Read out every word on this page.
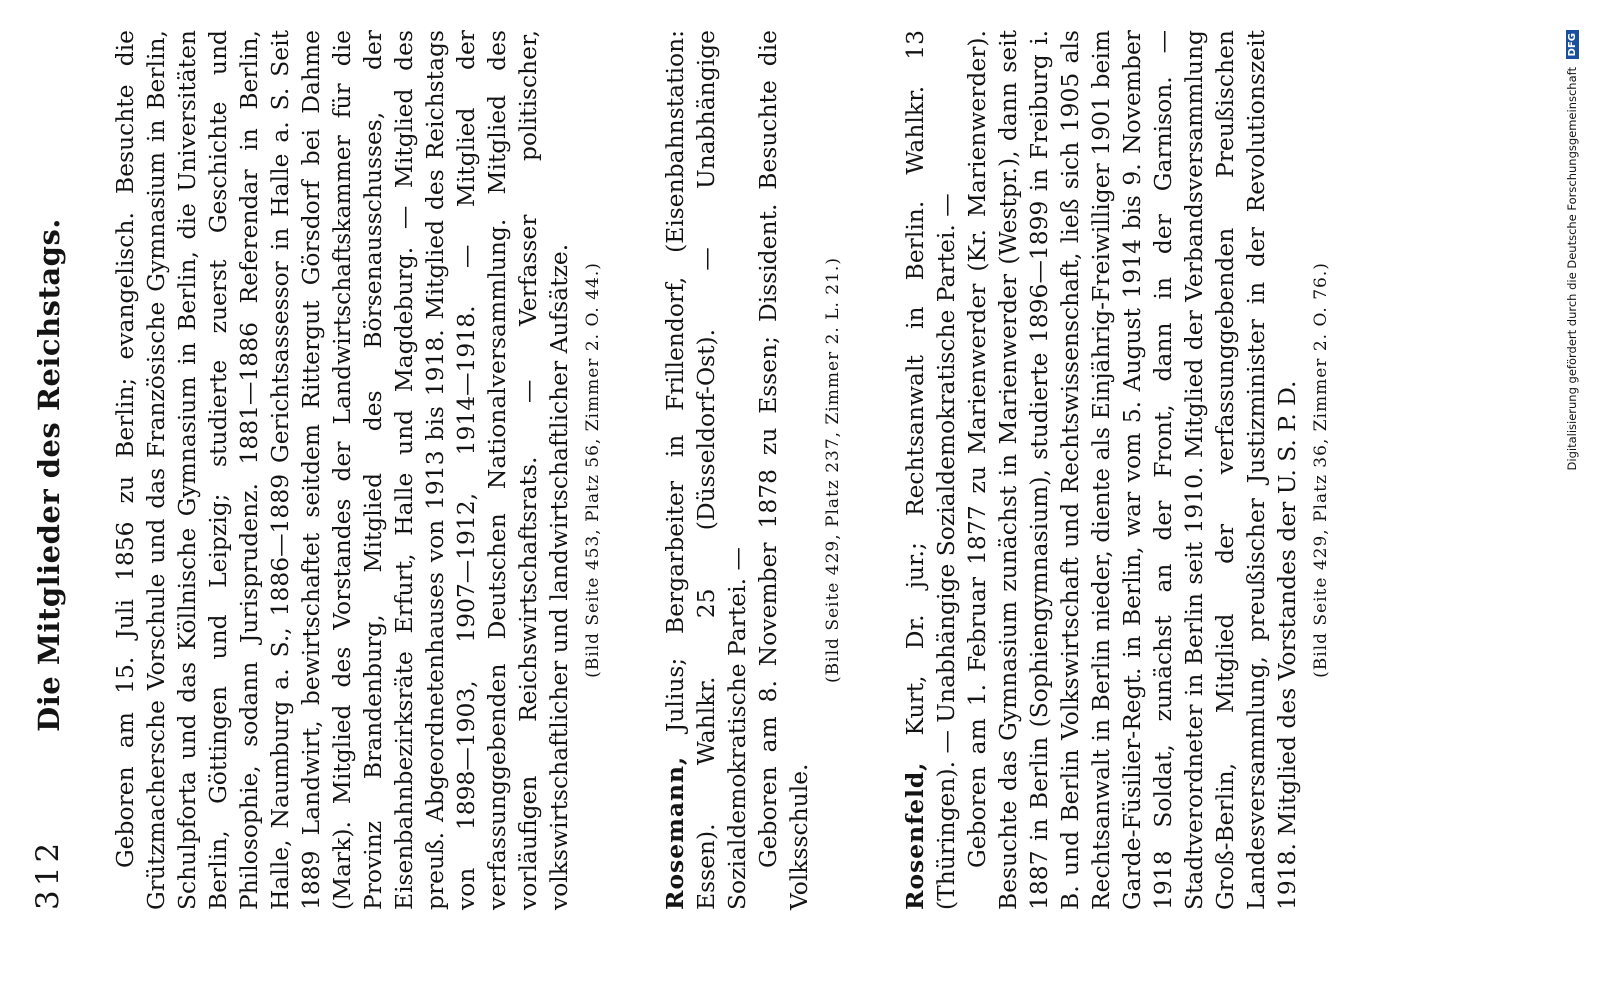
312
Die Mitglieder des Reichstags. Geboren am 15. Juli 1856 zu Berlin; evangelisch. Besuchte die Grützmachersche Vorschule und das Französische Gymnasium in Berlin, Schulpforta und das Köllnische Gymnasium in Berlin, die Universitäten Berlin, Göttingen und Leipzig; studierte zuerst Geschichte und Philosophie, sodann Jurisprudenz. 1881—1886 Referendar in Berlin, Halle, Naumburg a. S., 1886—1889 Gerichtsassessor in Halle a. S. Seit 1889 Landwirt, bewirtschaftet seitdem Rittergut Görsdorf bei Dahme (Mark). Mitglied des Vorstandes der Landwirtschaftskammer für die Provinz Brandenburg, Mitglied des Börsenausschusses, der Eisenbahnbezirksräte Erfurt, Halle und Magdeburg. — Mitglied des preuß. Abgeordnetenhauses von 1913 bis 1918. Mitglied des Reichstags von 1898—1903, 1907—1912, 1914—1918. — Mitglied der verfassunggebenden Deutschen Nationalversammlung. Mitglied des vorläufigen Reichswirtschaftsrats. — Verfasser politischer, volkswirtschaftlicher und landwirtschaftlicher Aufsätze. (Bild Seite 453, Platz 56, Zimmer 2. O. 44.)

Rosemann, Julius; Bergarbeiter in Frillendorf, (Eisenbahnstation: Essen). Wahlkr. 25 (Düsseldorf-Ost). — Unabhängige Sozialdemokratische Partei. — Geboren am 8. November 1878 zu Essen; Dissident. Besuchte die Volksschule.

(Bild Seite 429, Platz 237, Zimmer 2. L. 21.)

Rosenfeld, Kurt, Dr. jur.; Rechtsanwalt in Berlin. Wahlkr. 13 (Thüringen). — Unabhängige Sozialdemokratische Partei. — Geboren am 1. Februar 1877 zu Marienwerder (Kr. Marienwerder). Besuchte das Gymnasium zunächst in Marienwerder (Westpr.), dann seit 1887 in Berlin (Sophiengymnasium), studierte 1896—1899 in Freiburg i. B. und Berlin Volkswirtschaft und Rechtswissenschaft, ließ sich 1905 als Rechtsanwalt in Berlin nieder, diente als Einjährig-Freiwilliger 1901 beim Garde-Füsilier-Regt. in Berlin, war vom 5. August 1914 bis 9. November 1918 Soldat, zunächst an der Front, dann in der Garnison. — Stadtverordneter in Berlin seit 1910. Mitglied der Verbandsversammlung Groß-Berlin, Mitglied der verfassunggebenden Preußischen Landesversammlung, preußischer Justizminister in der Revolutionszeit 1918. Mitglied des Vorstandes der U. S. P. D. (Bild Seite 429, Platz 36, Zimmer 2. O. 76.)	Digitalisierung gefördert durch die Deutsche Forschungsgemeinschaft DFG
